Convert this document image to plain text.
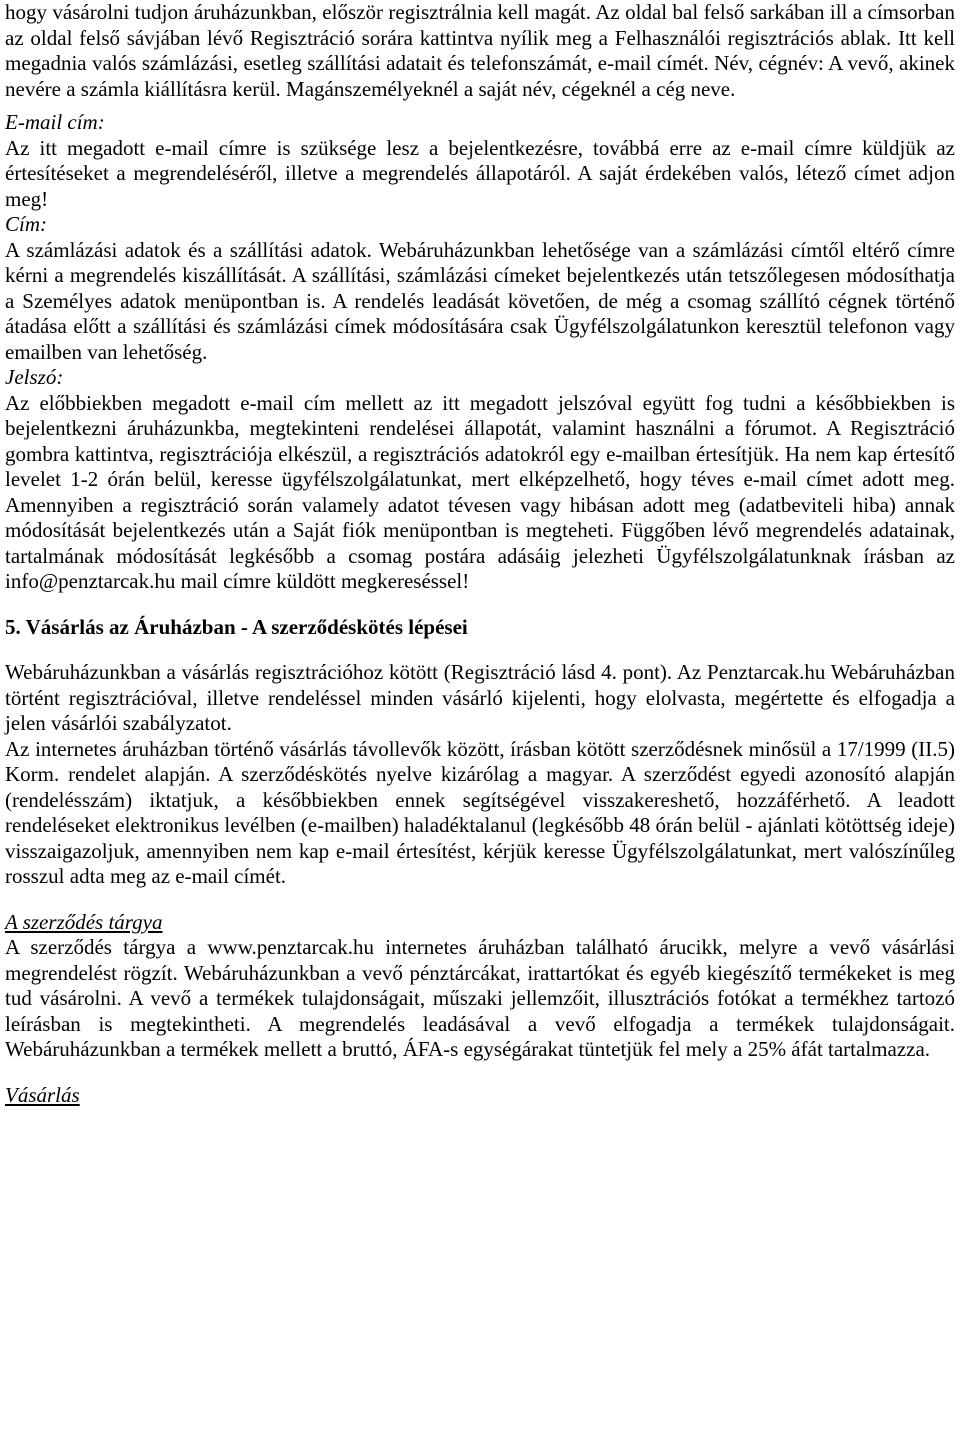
hogy vásárolni tudjon áruházunkban, először regisztrálnia kell magát. Az oldal bal felső sarkában ill a címsorban az oldal felső sávjában lévő Regisztráció sorára kattintva nyílik meg a Felhasználói regisztrációs ablak. Itt kell megadnia valós számlázási, esetleg szállítási adatait és telefonszámát, e-mail címét. Név, cégnév: A vevő, akinek nevére a számla kiállításra kerül. Magánszemélyeknél a saját név, cégeknél a cég neve.

E-mail cím:

Az itt megadott e-mail címre is szüksége lesz a bejelentkezésre, továbbá erre az e-mail címre küldjük az értesítéseket a megrendeléséről, illetve a megrendelés állapotáról. A saját érdekében valós, létező címet adjon meg!

Cím:

A számlázási adatok és a szállítási adatok. Webáruházunkban lehetősége van a számlázási címtől eltérő címre kérni a megrendelés kiszállítását. A szállítási, számlázási címeket bejelentkezés után tetszőlegesen módosíthatja a Személyes adatok menüpontban is. A rendelés leadását követően, de még a csomag szállító cégnek történő átadása előtt a szállítási és számlázási címek módosítására csak Ügyfélszolgálatunkon keresztül telefonon vagy emailben van lehetőség.

Jelszó:

Az előbbiekben megadott e-mail cím mellett az itt megadott jelszóval együtt fog tudni a későbbiekben is bejelentkezni áruházunkba, megtekinteni rendelései állapotát, valamint használni a fórumot. A Regisztráció gombra kattintva, regisztrációja elkészül, a regisztrációs adatokról egy e-mailban értesítjük. Ha nem kap értesítő levelet 1-2 órán belül, keresse ügyfélszolgálatunkat, mert elképzelhető, hogy téves e-mail címet adott meg. Amennyiben a regisztráció során valamely adatot tévesen vagy hibásan adott meg (adatbeviteli hiba) annak módosítását bejelentkezés után a Saját fiók menüpontban is megteheti. Függőben lévő megrendelés adatainak, tartalmának módosítását legkésőbb a csomag postára adásáig jelezheti Ügyfélszolgálatunknak írásban az info@penztarcak.hu mail címre küldött megkereséssel!

5. Vásárlás az Áruházban - A szerződéskötés lépései

Webáruházunkban a vásárlás regisztrációhoz kötött (Regisztráció lásd 4. pont). Az Penztarcak.hu Webáruházban történt regisztrációval, illetve rendeléssel minden vásárló kijelenti, hogy elolvasta, megértette és elfogadja a jelen vásárlói szabályzatot.

Az internetes áruházban történő vásárlás távollevők között, írásban kötött szerződésnek minősül a 17/1999 (II.5) Korm. rendelet alapján. A szerződéskötés nyelve kizárólag a magyar. A szerződést egyedi azonosító alapján (rendelésszám) iktatjuk, a későbbiekben ennek segítségével visszakereshető, hozzáférhető. A leadott rendeléseket elektronikus levélben (e-mailben) haladéktalanul (legkésőbb 48 órán belül - ajánlati kötöttség ideje) visszaigazoljuk, amennyiben nem kap e-mail értesítést, kérjük keresse Ügyfélszolgálatunkat, mert valószínűleg rosszul adta meg az e-mail címét.

A szerződés tárgya

A szerződés tárgya a www.penztarcak.hu internetes áruházban található árucikk, melyre a vevő vásárlási megrendelést rögzít. Webáruházunkban a vevő pénztárcákat, irattartókat és egyéb kiegészítő termékeket is meg tud vásárolni. A vevő a termékek tulajdonságait, műszaki jellemzőit, illusztrációs fotókat a termékhez tartozó leírásban is megtekintheti. A megrendelés leadásával a vevő elfogadja a termékek tulajdonságait. Webáruházunkban a termékek mellett a bruttó, ÁFA-s egységárakat tüntetjük fel mely a 25% áfát tartalmazza.

Vásárlás
